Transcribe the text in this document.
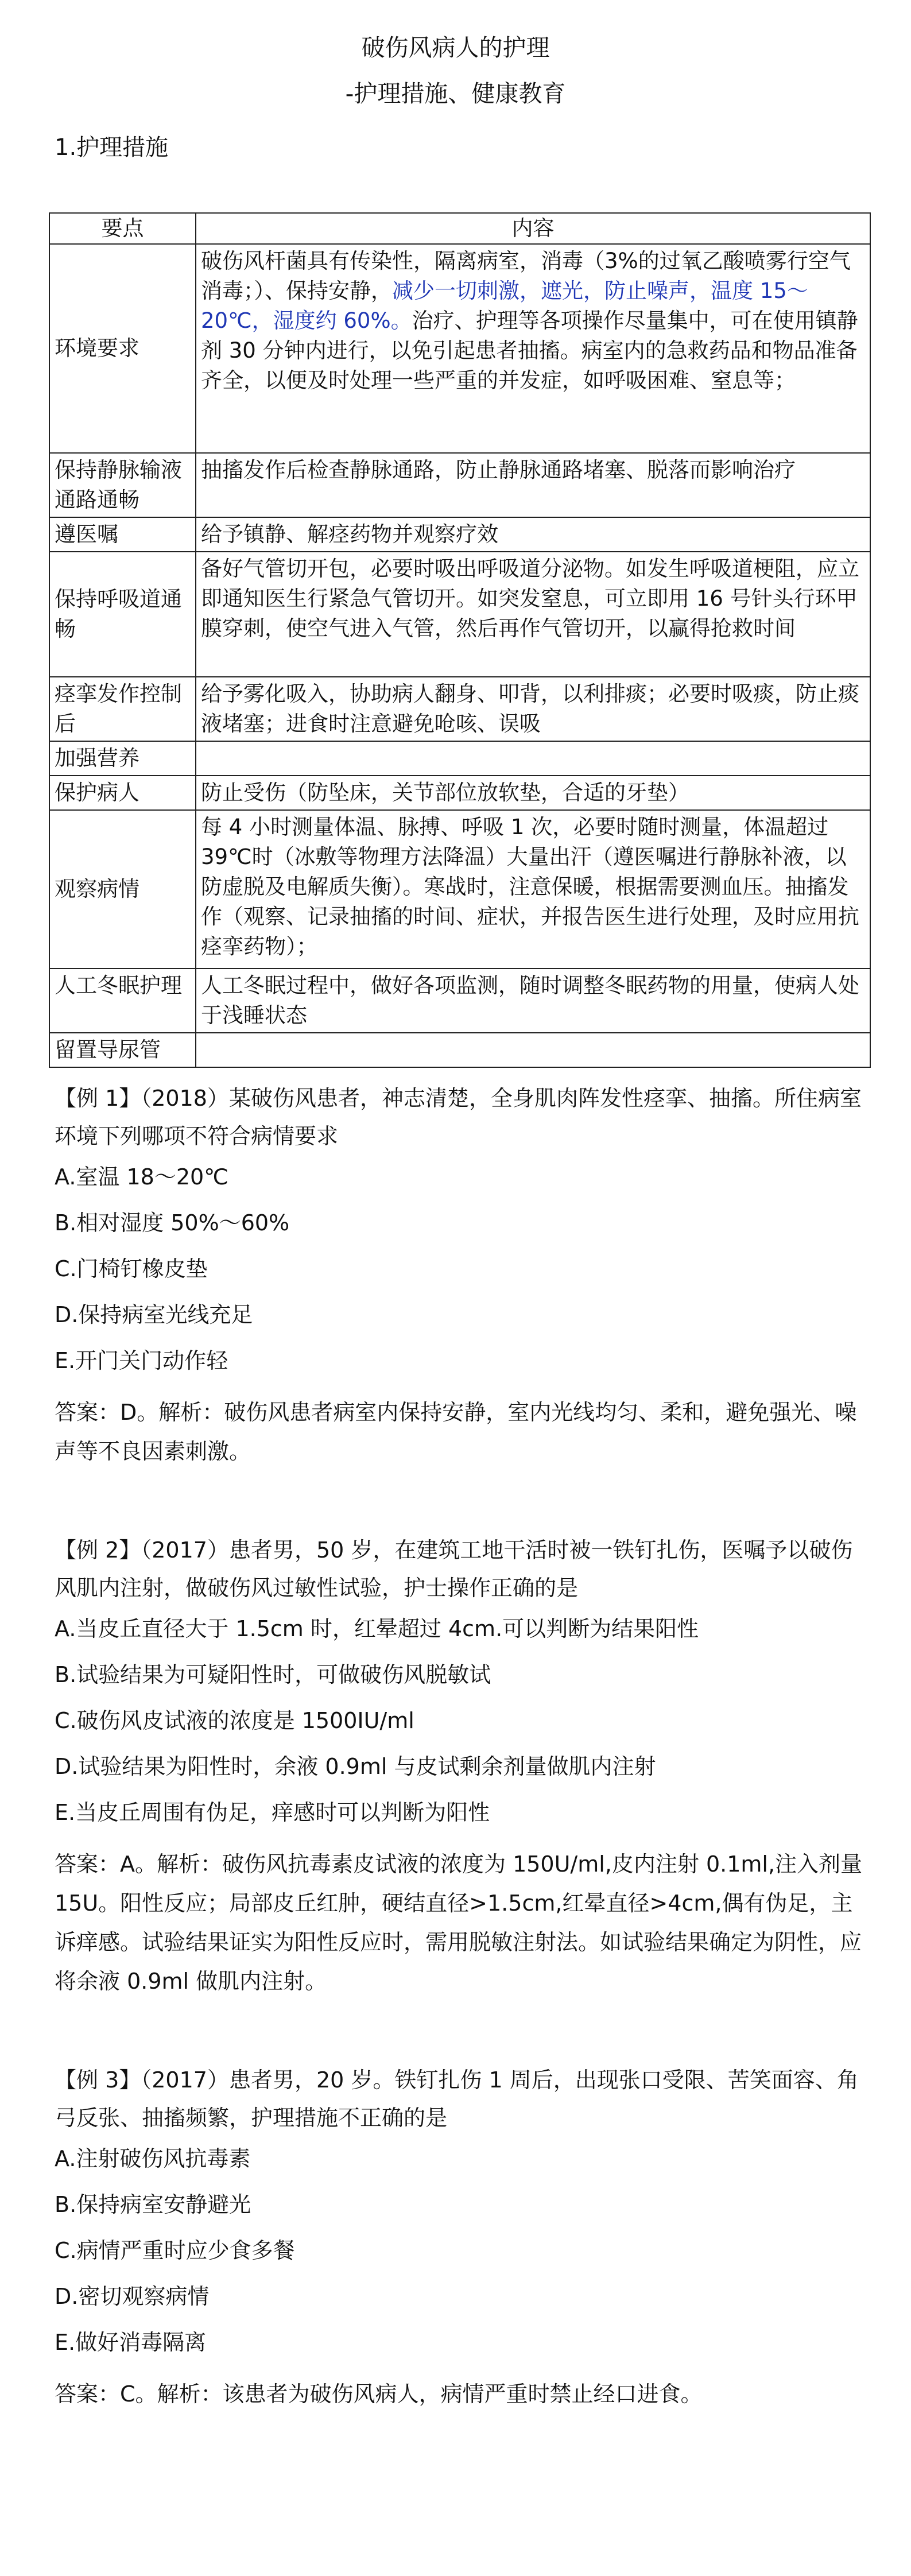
破伤风病人的护理
-护理措施、健康教育
1.护理措施
要点	内容
环境要求	破伤风杆菌具有传染性，隔离病室，消毒（3%的过氧乙酸喷雾行空气消毒；）、保持安静，减少一切刺激，遮光，防止噪声，温度 15～20℃，湿度约 60%。治疗、护理等各项操作尽量集中，可在使用镇静剂 30 分钟内进行，以免引起患者抽搐。病室内的急救药品和物品准备齐全，以便及时处理一些严重的并发症，如呼吸困难、窒息等；
保持静脉输液通路通畅	抽搐发作后检查静脉通路，防止静脉通路堵塞、脱落而影响治疗
遵医嘱	给予镇静、解痉药物并观察疗效
保持呼吸道通畅	备好气管切开包，必要时吸出呼吸道分泌物。如发生呼吸道梗阻，应立即通知医生行紧急气管切开。如突发窒息，可立即用 16 号针头行环甲膜穿刺，使空气进入气管，然后再作气管切开，以赢得抢救时间
痉挛发作控制后	给予雾化吸入，协助病人翻身、叩背，以利排痰；必要时吸痰，防止痰液堵塞；进食时注意避免呛咳、误吸
加强营养	
保护病人	防止受伤（防坠床，关节部位放软垫，合适的牙垫）
观察病情	每 4 小时测量体温、脉搏、呼吸 1 次，必要时随时测量，体温超过 39℃时（冰敷等物理方法降温）大量出汗（遵医嘱进行静脉补液，以防虚脱及电解质失衡）。寒战时，注意保暖，根据需要测血压。抽搐发作（观察、记录抽搐的时间、症状，并报告医生进行处理，及时应用抗痉挛药物）；
人工冬眠护理	人工冬眠过程中，做好各项监测，随时调整冬眠药物的用量，使病人处于浅睡状态
留置导尿管	

【例 1】（2018）某破伤风患者，神志清楚，全身肌肉阵发性痉挛、抽搐。所住病室环境下列哪项不符合病情要求

A.室温 18～20℃

B.相对湿度 50%～60%

C.门椅钉橡皮垫

D.保持病室光线充足

E.开门关门动作轻

答案：D。解析：破伤风患者病室内保持安静，室内光线均匀、柔和，避免强光、噪声等不良因素刺激。

【例 2】（2017）患者男，50 岁，在建筑工地干活时被一铁钉扎伤，医嘱予以破伤风肌内注射，做破伤风过敏性试验，护士操作正确的是

A.当皮丘直径大于 1.5cm 时，红晕超过 4cm.可以判断为结果阳性

B.试验结果为可疑阳性时，可做破伤风脱敏试

C.破伤风皮试液的浓度是 1500IU/ml

D.试验结果为阳性时，余液 0.9ml 与皮试剩余剂量做肌内注射

E.当皮丘周围有伪足，痒感时可以判断为阳性

答案：A。解析：破伤风抗毒素皮试液的浓度为 150U/ml,皮内注射 0.1ml,注入剂量 15U。阳性反应；局部皮丘红肿，硬结直径>1.5cm,红晕直径>4cm,偶有伪足，主诉痒感。试验结果证实为阳性反应时，需用脱敏注射法。如试验结果确定为阴性，应将余液 0.9ml 做肌内注射。

【例 3】（2017）患者男，20 岁。铁钉扎伤 1 周后，出现张口受限、苦笑面容、角弓反张、抽搐频繁，护理措施不正确的是

A.注射破伤风抗毒素

B.保持病室安静避光

C.病情严重时应少食多餐

D.密切观察病情

E.做好消毒隔离

答案：C。解析：该患者为破伤风病人，病情严重时禁止经口进食。
